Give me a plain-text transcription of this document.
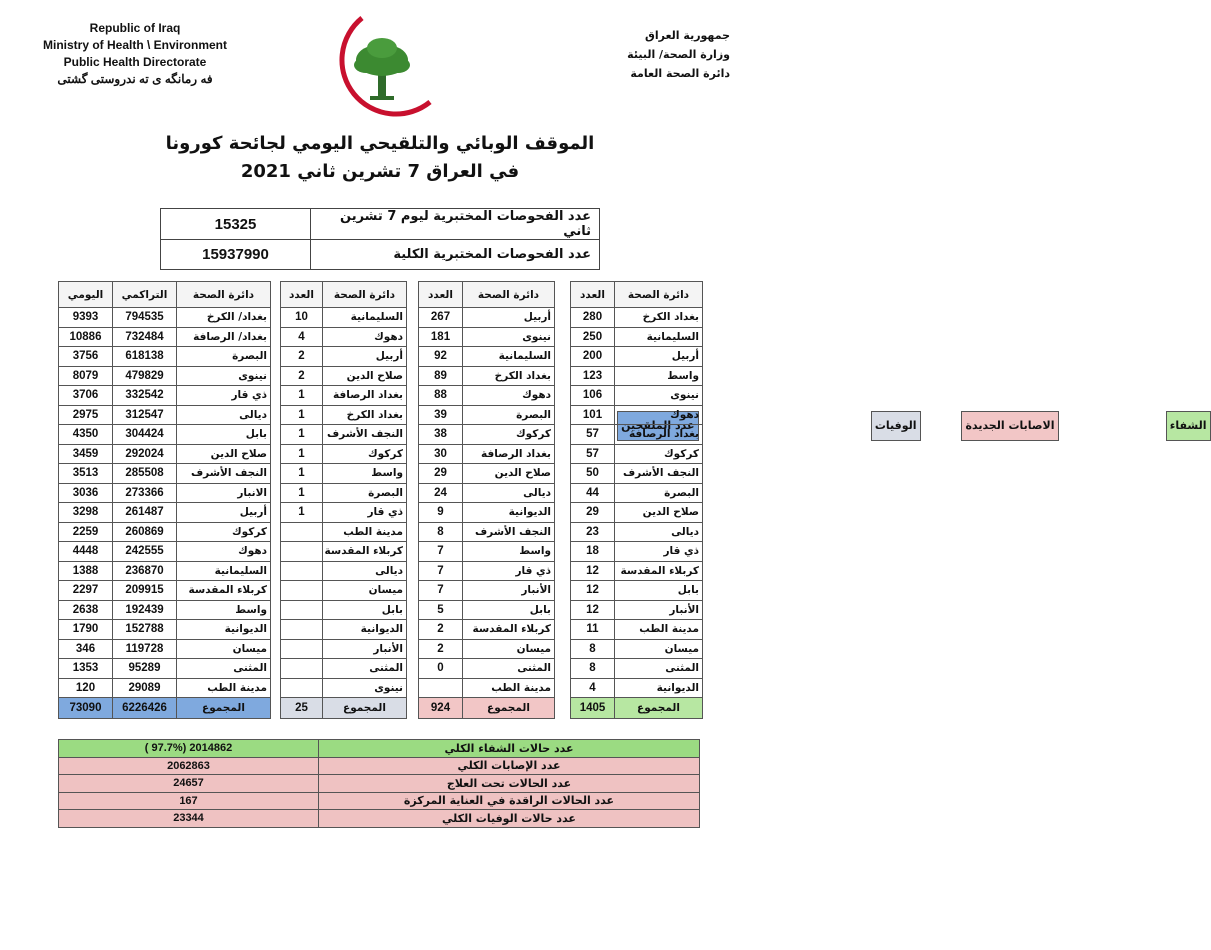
Republic of Iraq
Ministry of Health \ Environment
Public Health Directorate
فه رمانگه ی ته ندروستی گشتی
جمهورية العراق
وزارة الصحة/ البيئة
دائرة الصحة العامة
الموقف الوبائي والتلقيحي اليومي لجائحة كورونا
في العراق 7 تشرين ثاني 2021
15325	عدد الفحوصات المختبرية ليوم 7 تشرين ثاني
15937990	عدد الفحوصات المختبرية الكلية
عدد الملقحين
اليومي	التراكمي	دائرة الصحة
9393	794535	بغداد/ الكرخ
10886	732484	بغداد/ الرصافة
3756	618138	البصرة
8079	479829	نينوى
3706	332542	ذي قار
2975	312547	ديالى
4350	304424	بابل
3459	292024	صلاح الدين
3513	285508	النجف الأشرف
3036	273366	الانبار
3298	261487	أربيل
2259	260869	كركوك
4448	242555	دهوك
1388	236870	السليمانية
2297	209915	كربلاء المقدسة
2638	192439	واسط
1790	152788	الديوانية
346	119728	ميسان
1353	95289	المثنى
120	29089	مدينة الطب
73090	6226426	المجموع
الوفيات
العدد	دائرة الصحة
10	السليمانية
4	دهوك
2	أربيل
2	صلاح الدين
1	بغداد الرصافة
1	بغداد الكرخ
1	النجف الأشرف
1	كركوك
1	واسط
1	البصرة
1	ذي قار
	مدينة الطب
	كربلاء المقدسة
	ديالى
	ميسان
	بابل
	الديوانية
	الأنبار
	المثنى
	نينوى
25	المجموع
الاصابات الجديدة
العدد	دائرة الصحة
267	أربيل
181	نينوى
92	السليمانية
89	بغداد الكرخ
88	دهوك
39	البصرة
38	كركوك
30	بغداد الرصافة
29	صلاح الدين
24	ديالى
9	الديوانية
8	النجف الأشرف
7	واسط
7	ذي قار
7	الأنبار
5	بابل
2	كربلاء المقدسة
2	ميسان
0	المثنى
	مدينة الطب
924	المجموع
الشفاء
العدد	دائرة الصحة
280	بغداد الكرخ
250	السليمانية
200	أربيل
123	واسط
106	نينوى
101	دهوك
57	بغداد الرصافة
57	كركوك
50	النجف الأشرف
44	البصرة
29	صلاح الدين
23	ديالى
18	ذي قار
12	كربلاء المقدسة
12	بابل
12	الأنبار
11	مدينة الطب
8	ميسان
8	المثنى
4	الديوانية
1405	المجموع
( 97.7%) 2014862	عدد حالات الشفاء الكلي
2062863	عدد الإصابات الكلي
24657	عدد الحالات تحت العلاج
167	عدد الحالات الراقدة في العناية المركزة
23344	عدد حالات الوفيات الكلي
